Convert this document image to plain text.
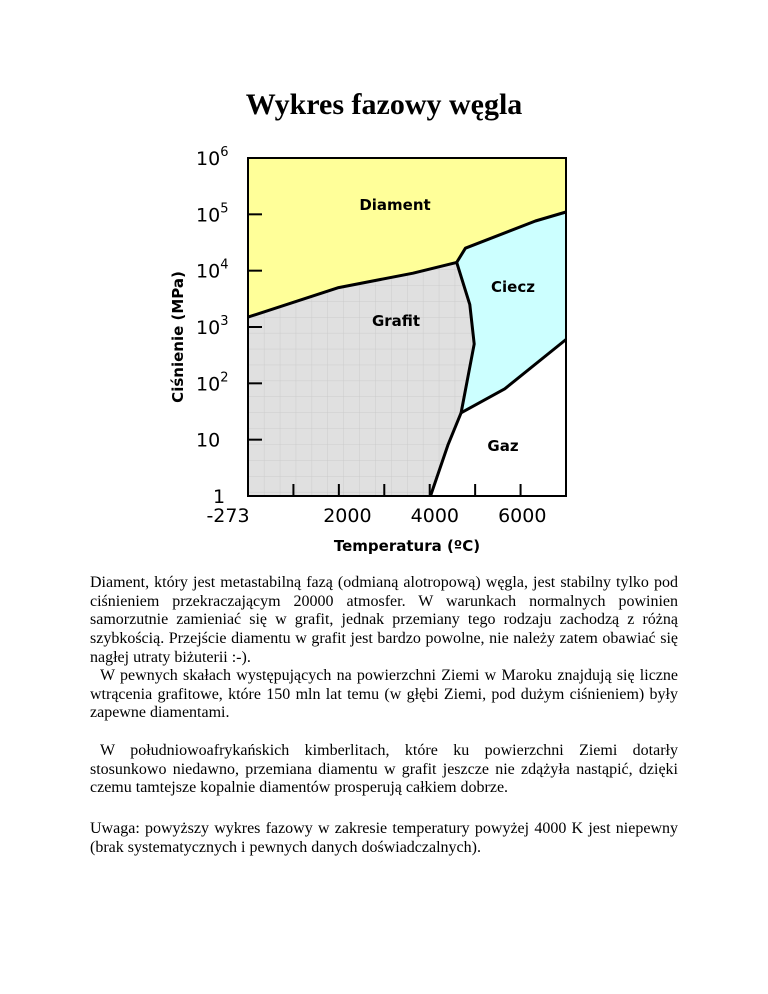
Wykres fazowy węgla
-273	2000 4000 6000
1
10
$10^2$
$10^3$
$10^4$
$10^5$
$10^6$
Diament
Grafit
Ciecz
Gaz
Temperatura (ºC)
Ciśnienie (MPa)

Diament, który jest metastabilną fazą (odmianą alotropową) węgla, jest stabilny tylko pod ciśnieniem przekraczającym 20000 atmosfer. W warunkach normalnych powinien samorzutnie zamieniać się w grafit, jednak przemiany tego rodzaju zachodzą z różną szybkością. Przejście diamentu w grafit jest bardzo powolne, nie należy zatem obawiać się nagłej utraty biżuterii :-).

W pewnych skałach występujących na powierzchni Ziemi w Maroku znajdują się liczne wtrącenia grafitowe, które 150 mln lat temu (w głębi Ziemi, pod dużym ciśnieniem) były zapewne diamentami.

W południowoafrykańskich kimberlitach, które ku powierzchni Ziemi dotarły stosunkowo niedawno, przemiana diamentu w grafit jeszcze nie zdążyła nastąpić, dzięki czemu tamtejsze kopalnie diamentów prosperują całkiem dobrze.

Uwaga: powyższy wykres fazowy w zakresie temperatury powyżej 4000 K jest niepewny (brak systematycznych i pewnych danych doświadczalnych).
